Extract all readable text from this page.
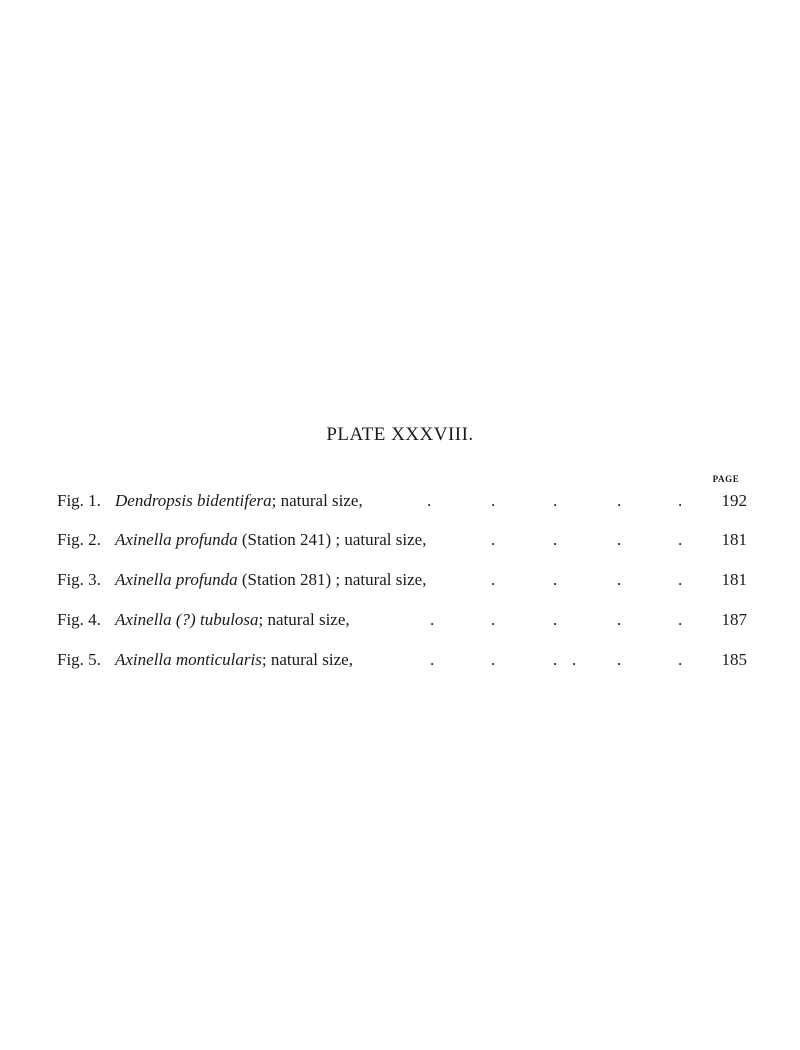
PLATE XXXVIII.
PAGE
Fig. 1. Dendropsis bidentifera; natural size,	.	.	.	.	.	192
Fig. 2. Axinella profunda (Station 241) ; uatural size,	.	.	.	.	181
Fig. 3. Axinella profunda (Station 281) ; natural size,	.	.	.	.	181
Fig. 4. Axinella (?) tubulosa; natural size,	.	.	.	.	.	187
Fig. 5. Axinella monticularis; natural size,	.	.	. . .	.	185
